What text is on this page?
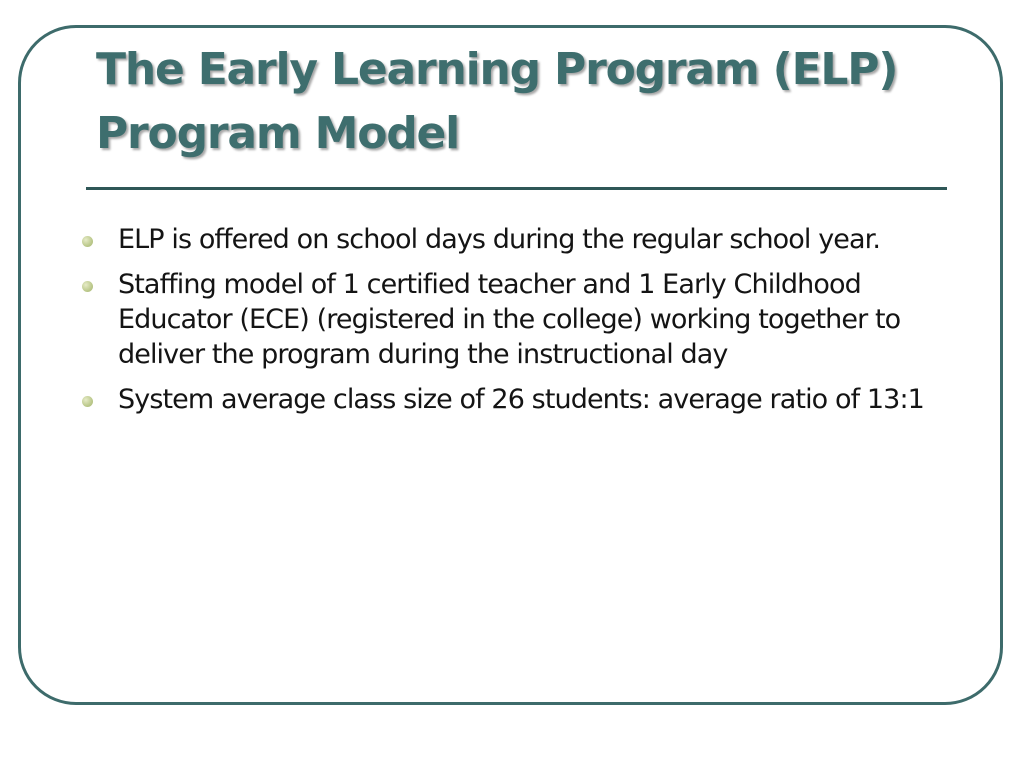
The Early Learning Program (ELP)
Program Model
ELP is offered on school days during the regular school year.
Staffing model of 1 certified teacher and 1 Early Childhood Educator (ECE) (registered in the college) working together to deliver the program during the instructional day
System average class size of 26 students: average ratio of 13:1
